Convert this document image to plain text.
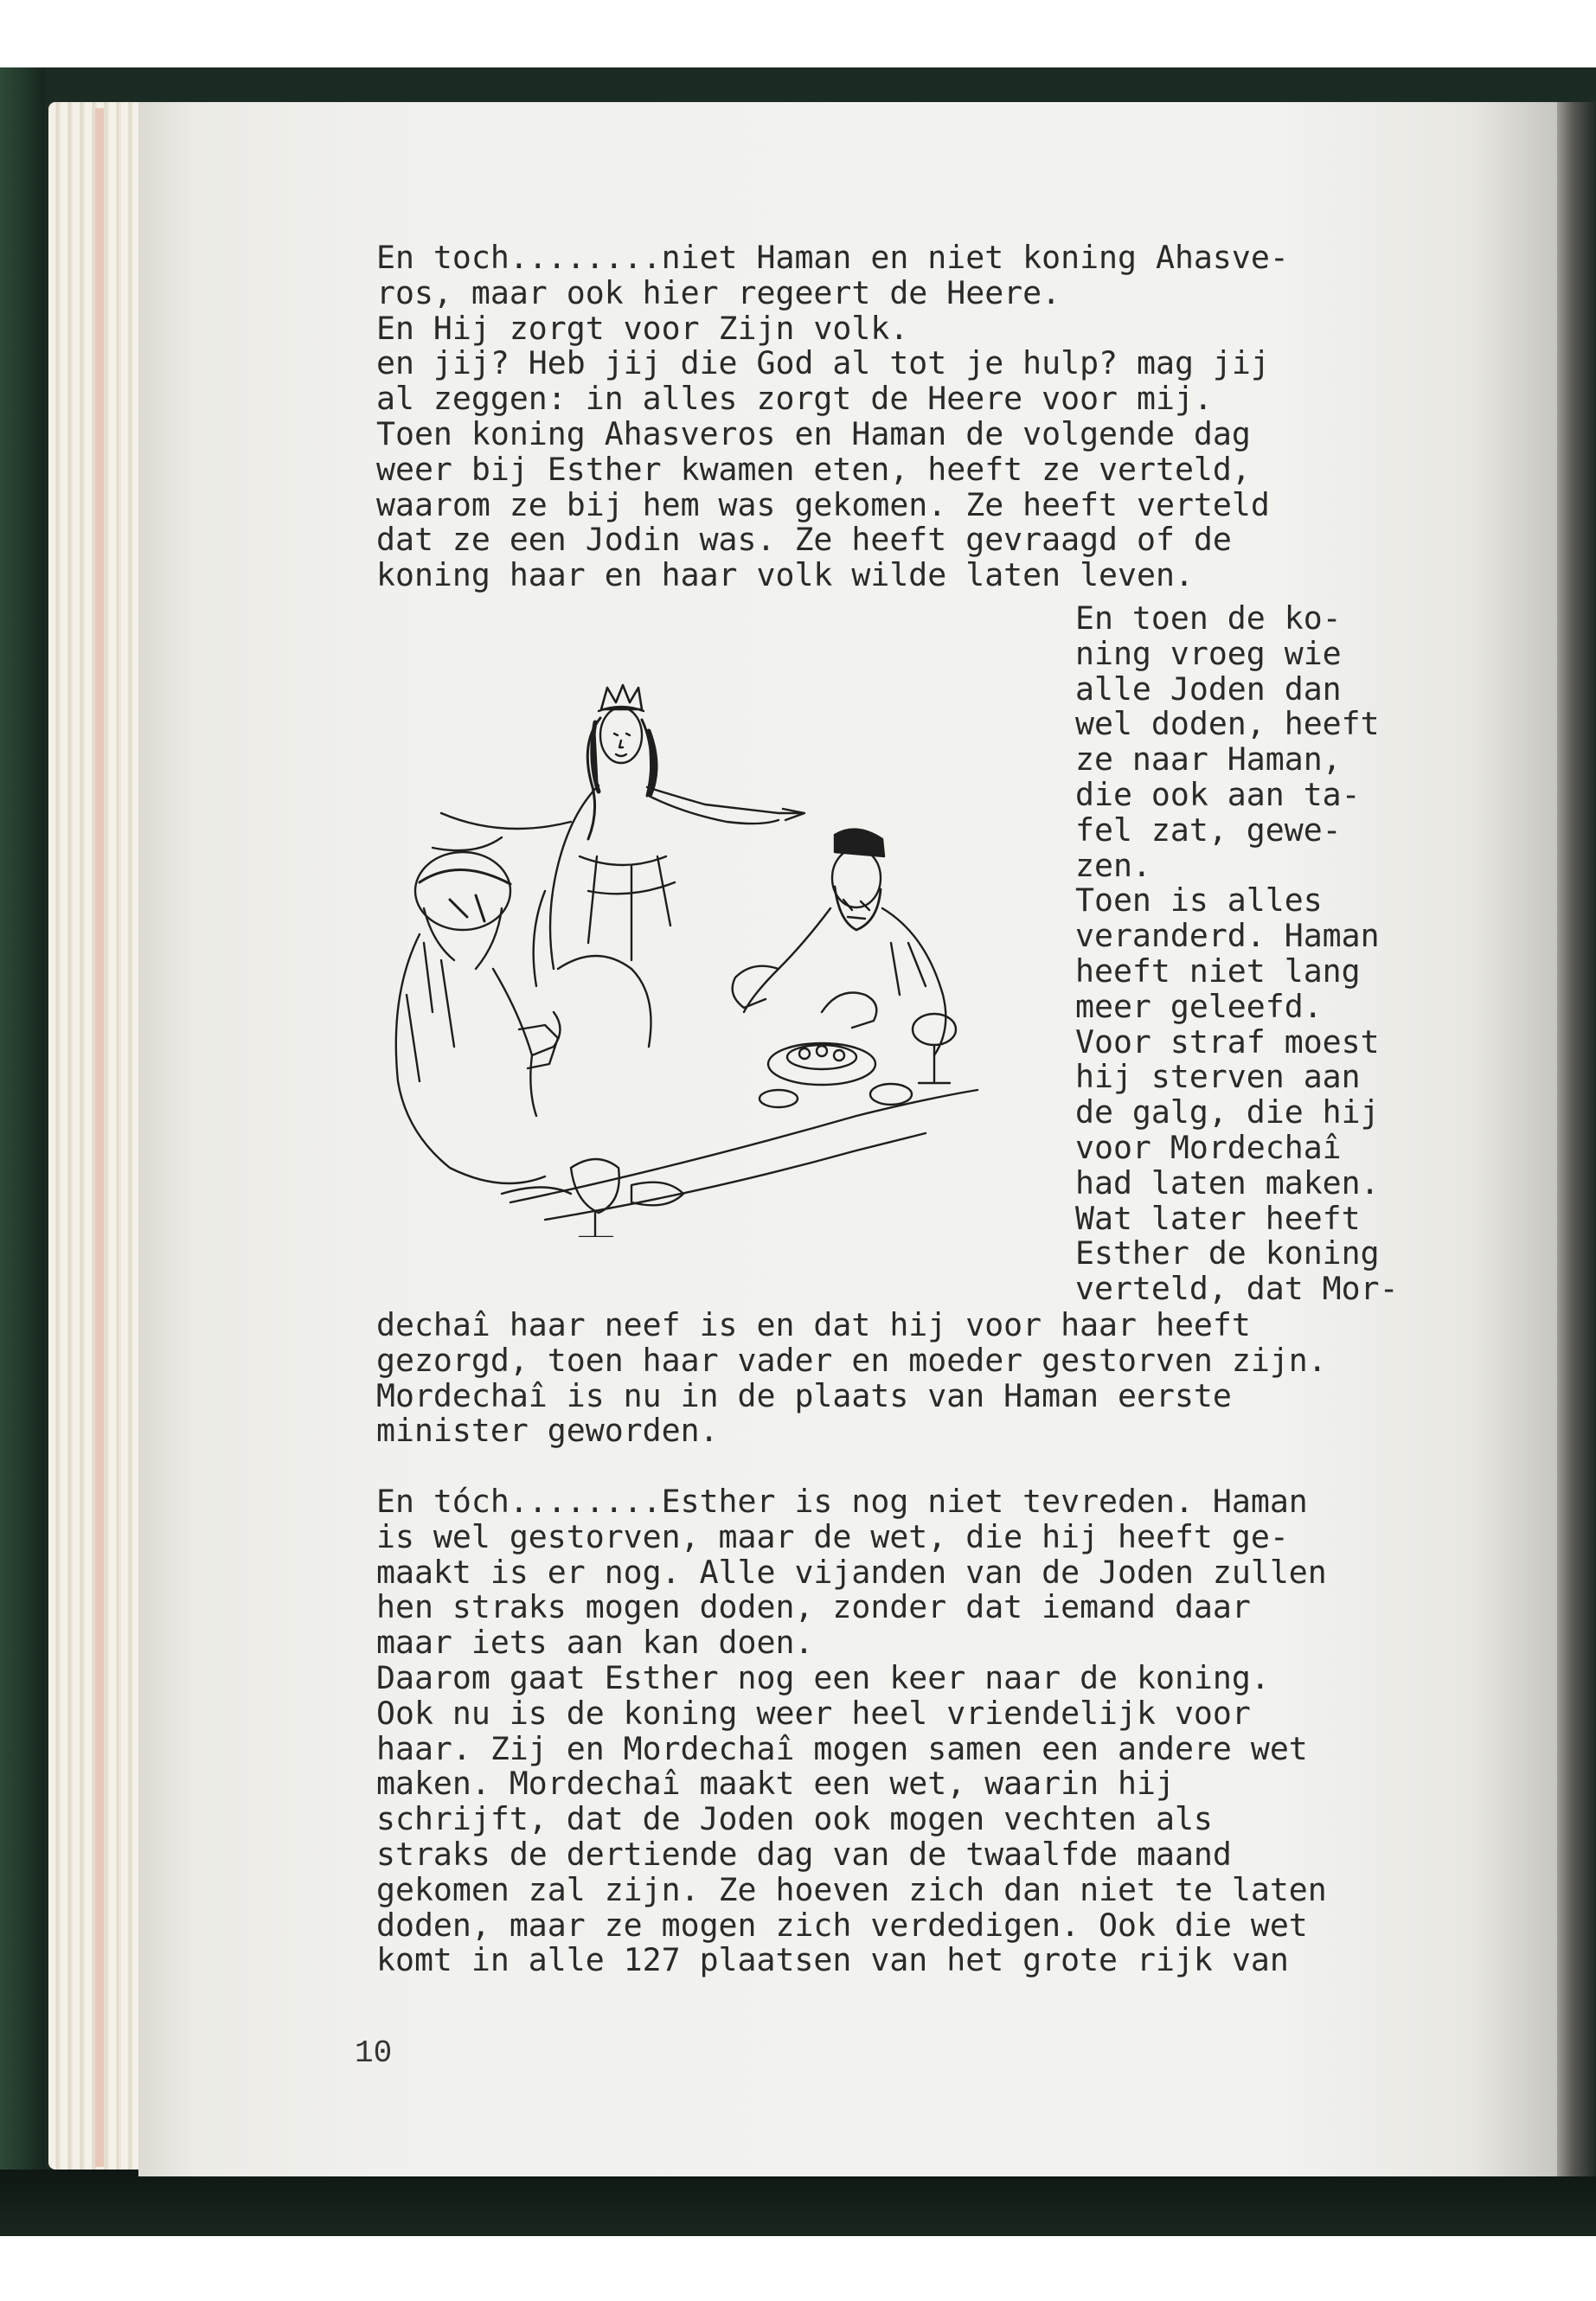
En toch........niet Haman en niet koning Ahasve-
ros, maar ook hier regeert de Heere.
En Hij zorgt voor Zijn volk.
en jij? Heb jij die God al tot je hulp? mag jij
al zeggen: in alles zorgt de Heere voor mij.
Toen koning Ahasveros en Haman de volgende dag
weer bij Esther kwamen eten, heeft ze verteld,
waarom ze bij hem was gekomen. Ze heeft verteld
dat ze een Jodin was. Ze heeft gevraagd of de
koning haar en haar volk wilde laten leven.
En toen de ko-
ning vroeg wie
alle Joden dan
wel doden, heeft
ze naar Haman,
die ook aan ta-
fel zat, gewe-
zen.
Toen is alles
veranderd. Haman
heeft niet lang
meer geleefd.
Voor straf moest
hij sterven aan
de galg, die hij
voor Mordechaî
had laten maken.
Wat later heeft
Esther de koning
verteld, dat Mor-
dechaî haar neef is en dat hij voor haar heeft
gezorgd, toen haar vader en moeder gestorven zijn.
Mordechaî is nu in de plaats van Haman eerste
minister geworden.

En tóch........Esther is nog niet tevreden. Haman
is wel gestorven, maar de wet, die hij heeft ge-
maakt is er nog. Alle vijanden van de Joden zullen
hen straks mogen doden, zonder dat iemand daar
maar iets aan kan doen.
Daarom gaat Esther nog een keer naar de koning.
Ook nu is de koning weer heel vriendelijk voor
haar. Zij en Mordechaî mogen samen een andere wet
maken. Mordechaî maakt een wet, waarin hij
schrijft, dat de Joden ook mogen vechten als
straks de dertiende dag van de twaalfde maand
gekomen zal zijn. Ze hoeven zich dan niet te laten
doden, maar ze mogen zich verdedigen. Ook die wet
komt in alle 127 plaatsen van het grote rijk van
10
